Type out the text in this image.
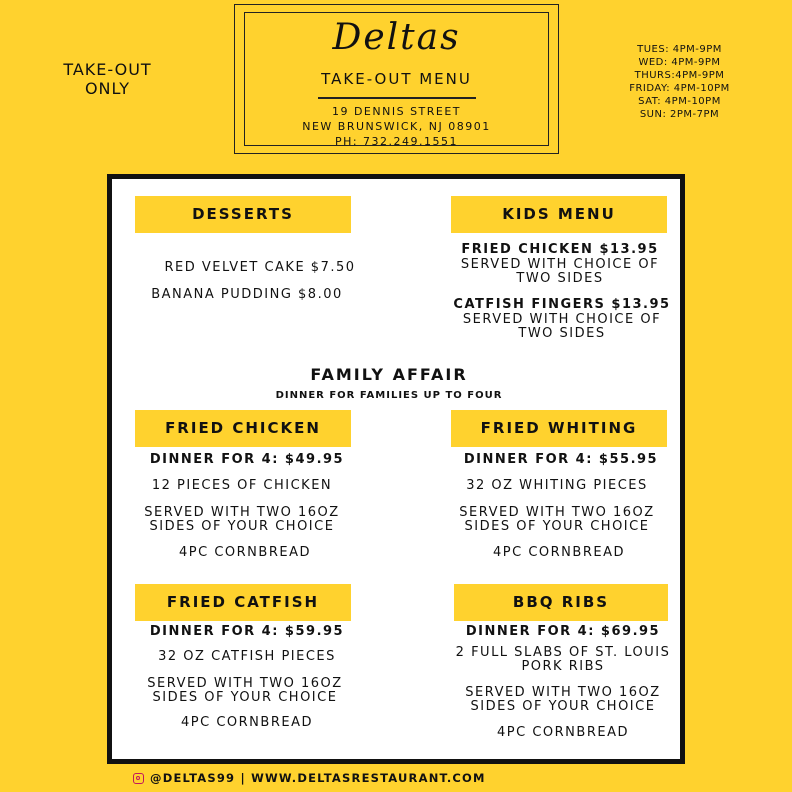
TAKE-OUT
ONLY
Deltas
TAKE-OUT MENU
19 DENNIS STREET
NEW BRUNSWICK, NJ 08901
PH: 732.249.1551
TUES: 4PM-9PM
WED: 4PM-9PM
THURS:4PM-9PM
FRIDAY: 4PM-10PM
SAT: 4PM-10PM
SUN: 2PM-7PM
DESSERTS
RED VELVET CAKE $7.50
BANANA PUDDING $8.00
KIDS MENU
FRIED CHICKEN $13.95
SERVED WITH CHOICE OF
TWO SIDES
CATFISH FINGERS $13.95
SERVED WITH CHOICE OF
TWO SIDES
FAMILY AFFAIR
DINNER FOR FAMILIES UP TO FOUR
FRIED CHICKEN
DINNER FOR 4: $49.95
12 PIECES OF CHICKEN
SERVED WITH TWO 16OZ
SIDES OF YOUR CHOICE
4PC CORNBREAD
FRIED WHITING
DINNER FOR 4: $55.95
32 OZ WHITING PIECES
SERVED WITH TWO 16OZ
SIDES OF YOUR CHOICE
4PC CORNBREAD
FRIED CATFISH
DINNER FOR 4: $59.95
32 OZ CATFISH PIECES
SERVED WITH TWO 16OZ
SIDES OF YOUR CHOICE
4PC CORNBREAD
BBQ RIBS
DINNER FOR 4: $69.95
2 FULL SLABS OF ST. LOUIS
PORK RIBS
SERVED WITH TWO 16OZ
SIDES OF YOUR CHOICE
4PC CORNBREAD
@DELTAS99 | WWW.DELTASRESTAURANT.COM
